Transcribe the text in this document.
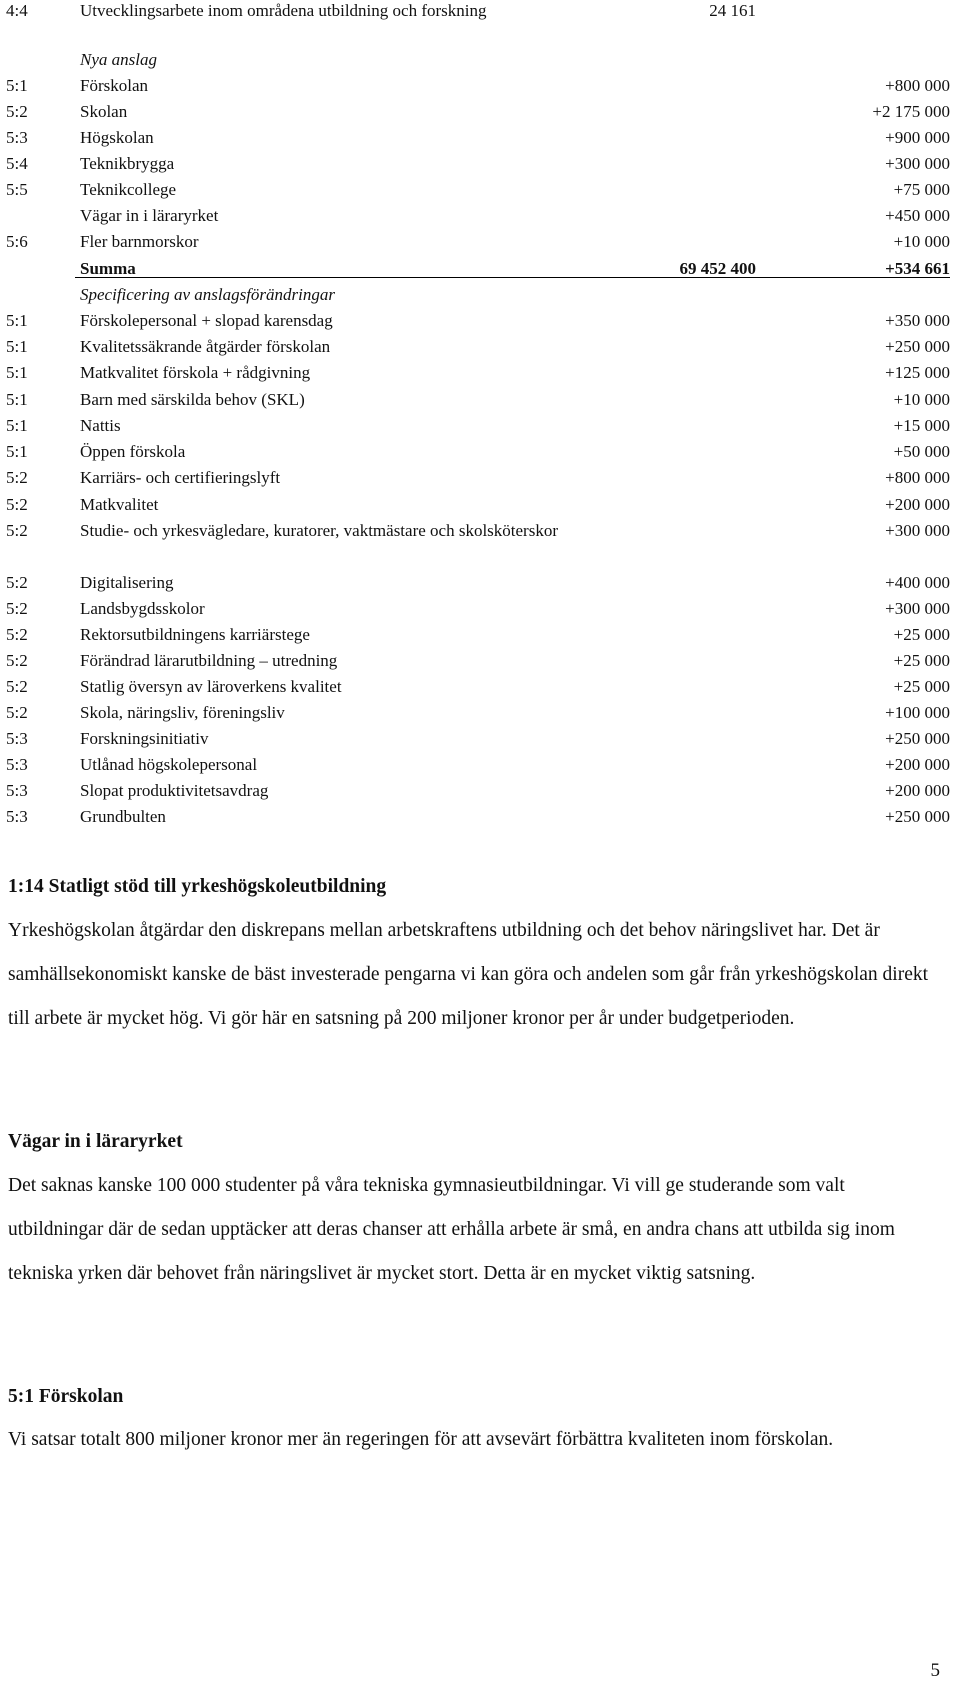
4:4	Utvecklingsarbete inom områdena utbildning och forskning	24 161
Nya anslag
5:1	Förskolan	+800 000
5:2	Skolan	+2 175 000
5:3	Högskolan	+900 000
5:4	Teknikbrygga	+300 000
5:5	Teknikcollege	+75 000
Vägar in i läraryrket	+450 000
5:6	Fler barnmorskor	+10 000
Summa	69 452 400	+534 661
Specificering av anslagsförändringar
5:1	Förskolepersonal + slopad karensdag	+350 000
5:1	Kvalitetssäkrande åtgärder förskolan	+250 000
5:1	Matkvalitet förskola + rådgivning	+125 000
5:1	Barn med särskilda behov (SKL)	+10 000
5:1	Nattis	+15 000
5:1	Öppen förskola	+50 000
5:2	Karriärs- och certifieringslyft	+800 000
5:2	Matkvalitet	+200 000
5:2	Studie- och yrkesvägledare, kuratorer, vaktmästare och skolsköterskor	+300 000
5:2	Digitalisering	+400 000
5:2	Landsbygdsskolor	+300 000
5:2	Rektorsutbildningens karriärstege	+25 000
5:2	Förändrad lärarutbildning – utredning	+25 000
5:2	Statlig översyn av läroverkens kvalitet	+25 000
5:2	Skola, näringsliv, föreningsliv	+100 000
5:3	Forskningsinitiativ	+250 000
5:3	Utlånad högskolepersonal	+200 000
5:3	Slopat produktivitetsavdrag	+200 000
5:3	Grundbulten	+250 000
1:14 Statligt stöd till yrkeshögskoleutbildning

Yrkeshögskolan åtgärdar den diskrepans mellan arbetskraftens utbildning och det behov näringslivet har. Det är samhällsekonomiskt kanske de bäst investerade pengarna vi kan göra och andelen som går från yrkeshögskolan direkt till arbete är mycket hög. Vi gör här en satsning på 200 miljoner kronor per år under budgetperioden.

Vägar in i läraryrket

Det saknas kanske 100 000 studenter på våra tekniska gymnasieutbildningar. Vi vill ge studerande som valt utbildningar där de sedan upptäcker att deras chanser att erhålla arbete är små, en andra chans att utbilda sig inom tekniska yrken där behovet från näringslivet är mycket stort. Detta är en mycket viktig satsning.

5:1 Förskolan

Vi satsar totalt 800 miljoner kronor mer än regeringen för att avsevärt förbättra kvaliteten inom förskolan.

5
